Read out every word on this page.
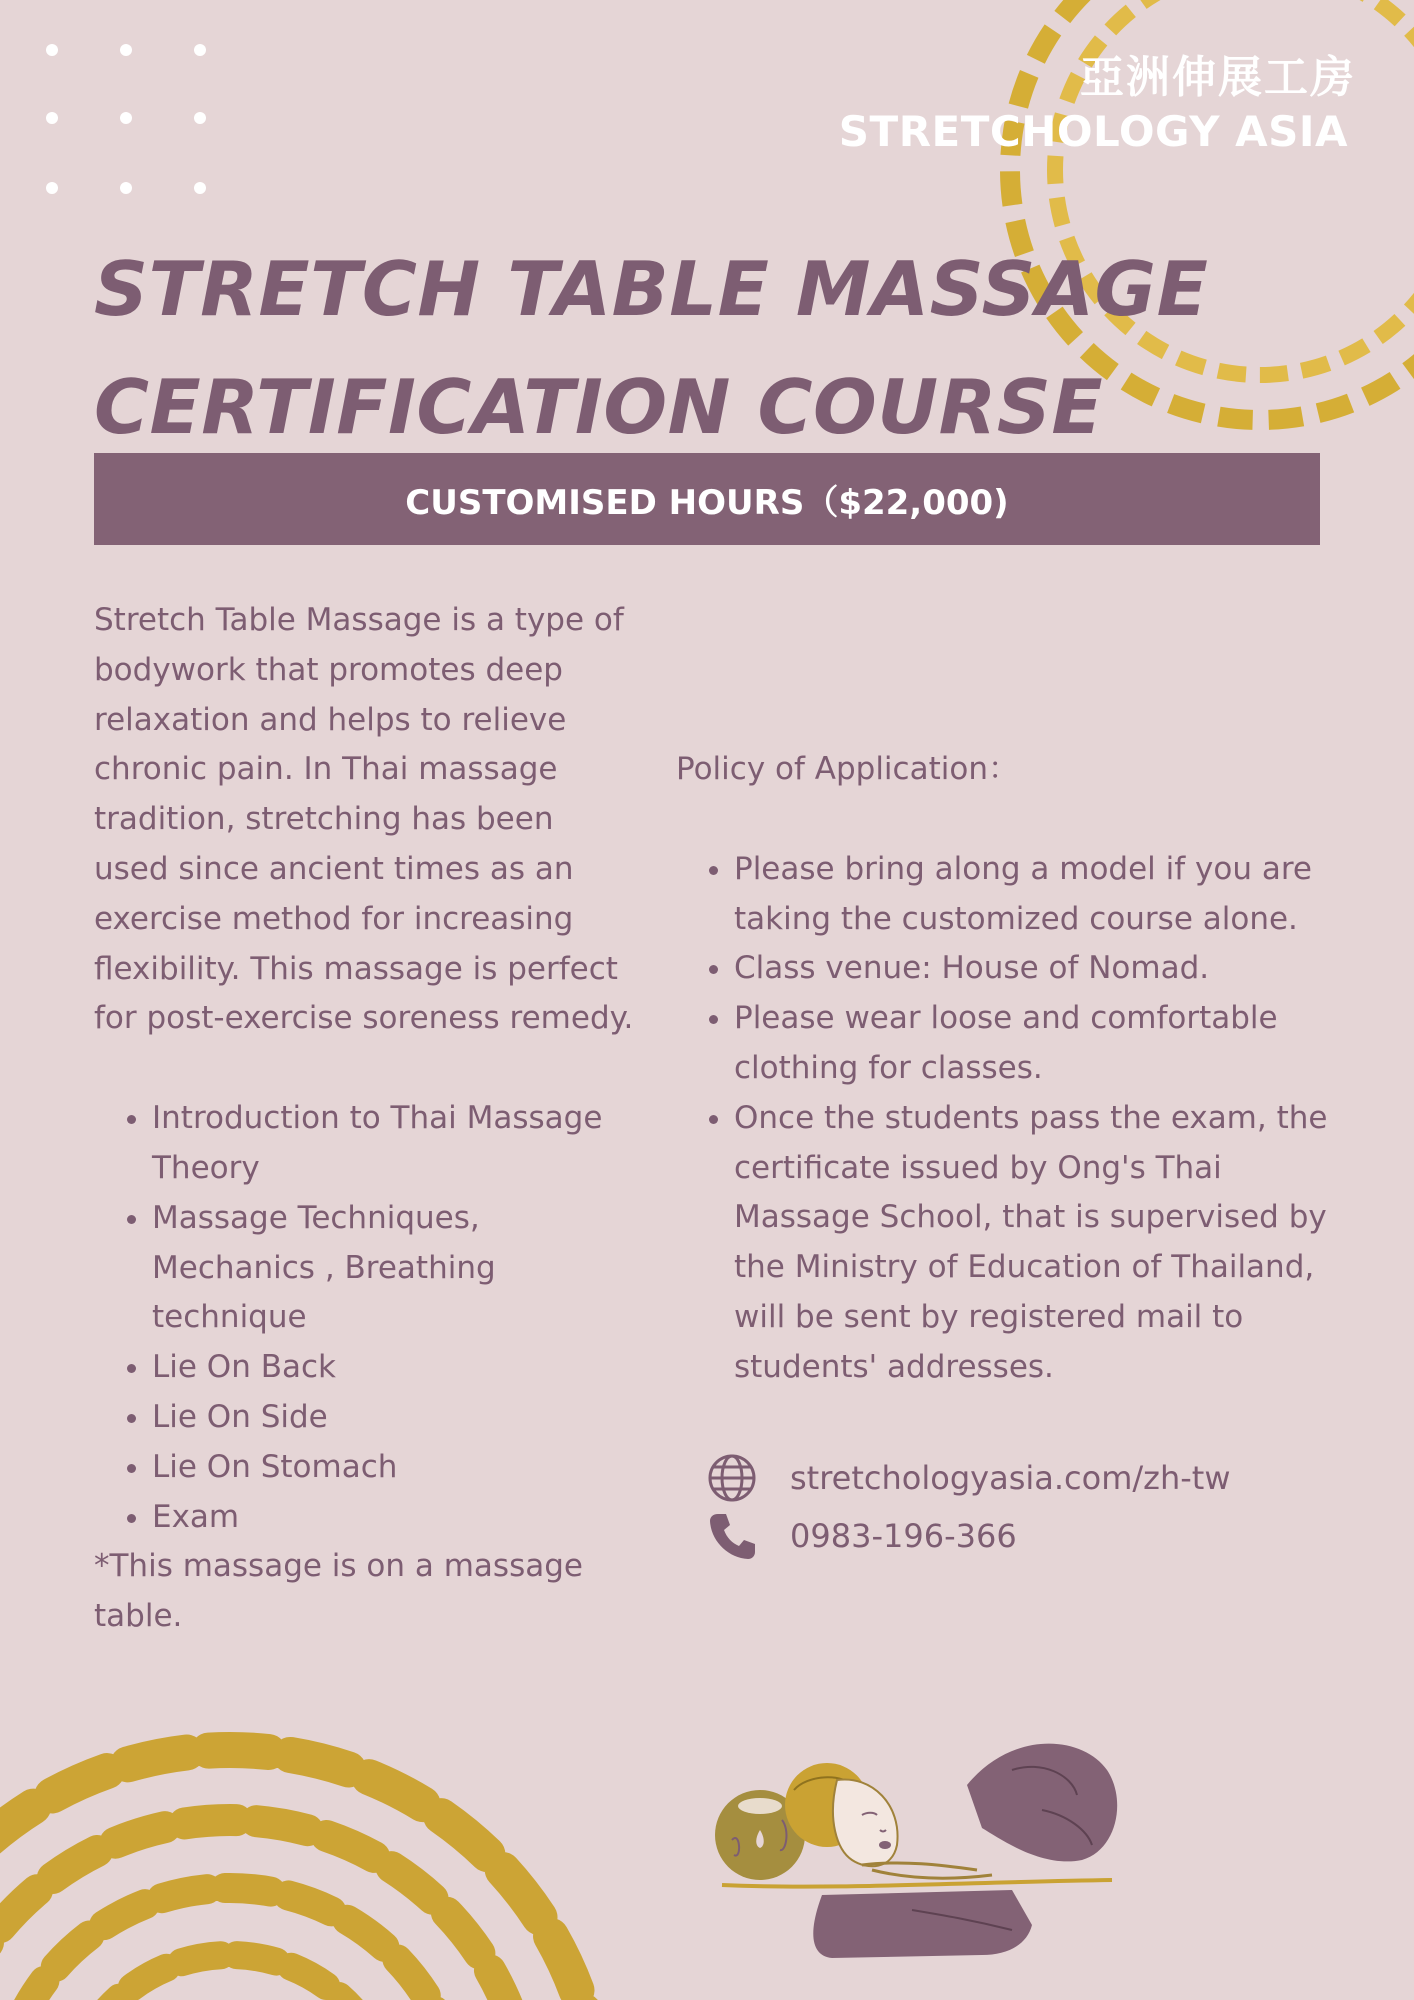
亞洲伸展工房
STRETCHOLOGY ASIA
STRETCH TABLE MASSAGE
CERTIFICATION COURSE
CUSTOMISED HOURS（$22,000)

Stretch Table Massage is a type of bodywork that promotes deep relaxation and helps to relieve chronic pain. In Thai massage tradition, stretching has been used since ancient times as an exercise method for increasing flexibility. This massage is perfect for post-exercise soreness remedy.

• Introduction to Thai Massage Theory
• Massage Techniques, Mechanics , Breathing technique
• Lie On Back
• Lie On Side
• Lie On Stomach
• Exam

*This massage is on a massage table.

Policy of Application：

• Please bring along a model if you are taking the customized course alone.
• Class venue: House of Nomad.
• Please wear loose and comfortable clothing for classes.
• Once the students pass the exam, the certificate issued by Ong's Thai Massage School, that is supervised by the Ministry of Education of Thailand, will be sent by registered mail to students' addresses.
stretchologyasia.com/zh-tw
0983-196-366
